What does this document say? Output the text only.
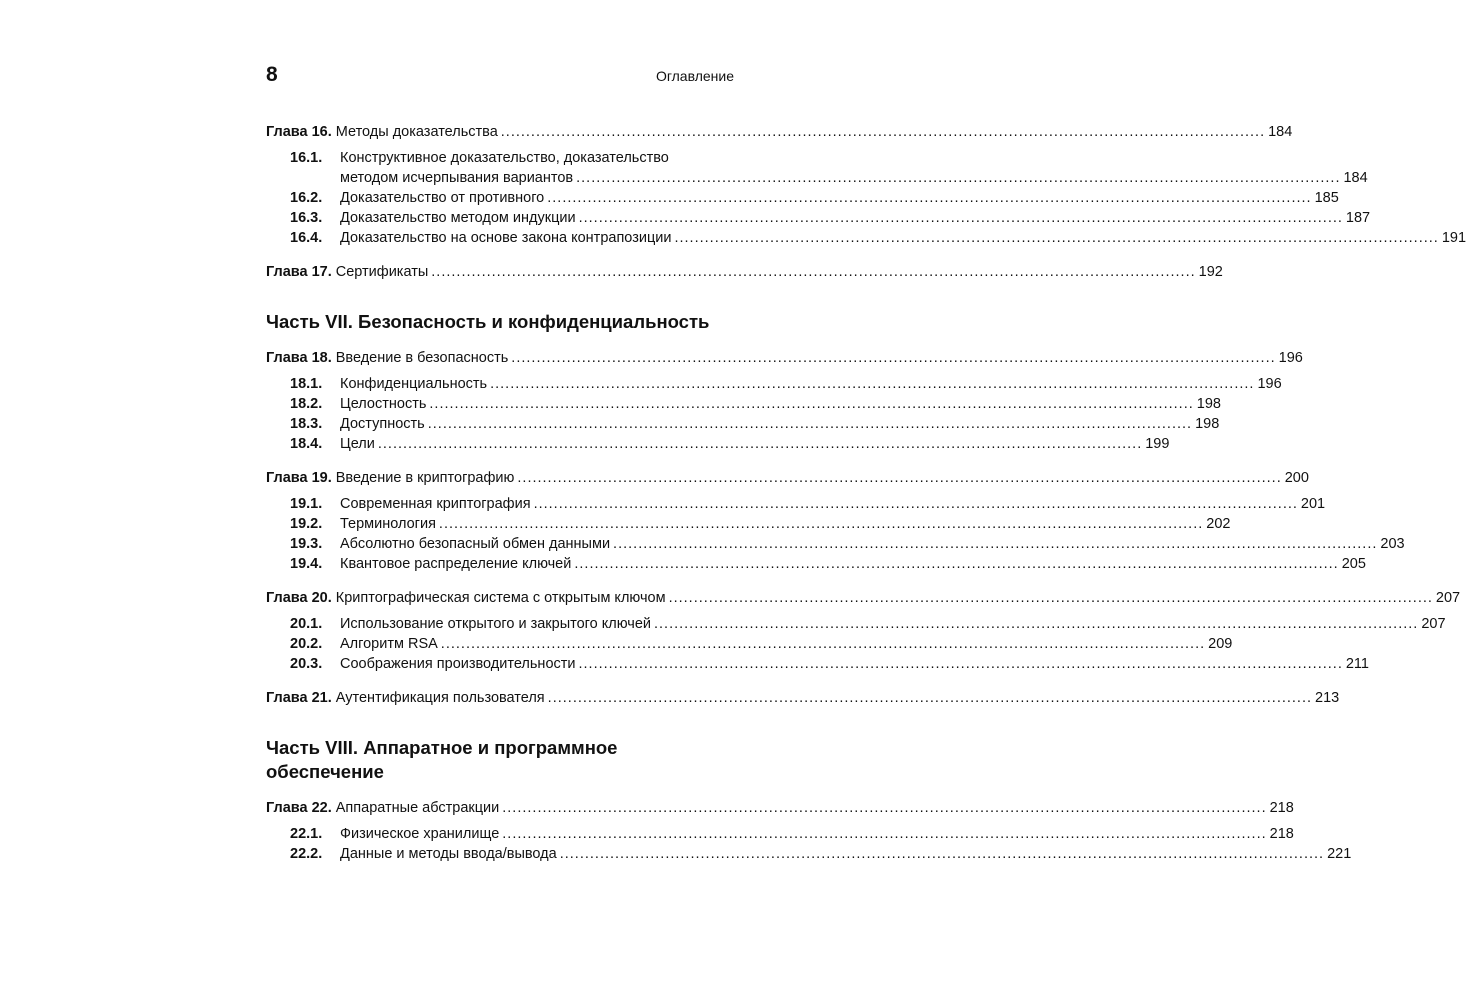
8	Оглавление
Глава 16. Методы доказательства .....	184
16.1.	Конструктивное доказательство, доказательство
методом исчерпывания вариантов .....	184
16.2.	Доказательство от противного .....	185
16.3.	Доказательство методом индукции .....	187
16.4.	Доказательство на основе закона контрапозиции .....	191
Глава 17. Сертификаты .....	192
Часть VII. Безопасность и конфиденциальность
Глава 18. Введение в безопасность .....	196
18.1.	Конфиденциальность .....	196
18.2.	Целостность .....	198
18.3.	Доступность .....	198
18.4.	Цели .....	199
Глава 19. Введение в криптографию .....	200
19.1.	Современная криптография .....	201
19.2.	Терминология .....	202
19.3.	Абсолютно безопасный обмен данными .....	203
19.4.	Квантовое распределение ключей .....	205
Глава 20. Криптографическая система с открытым ключом .....	207
20.1.	Использование открытого и закрытого ключей .....	207
20.2.	Алгоритм RSA .....	209
20.3.	Соображения производительности .....	211
Глава 21. Аутентификация пользователя .....	213
Часть VIII. Аппаратное и программное
обеспечение
Глава 22. Аппаратные абстракции .....	218
22.1.	Физическое хранилище .....	218
22.2.	Данные и методы ввода/вывода .....	221
